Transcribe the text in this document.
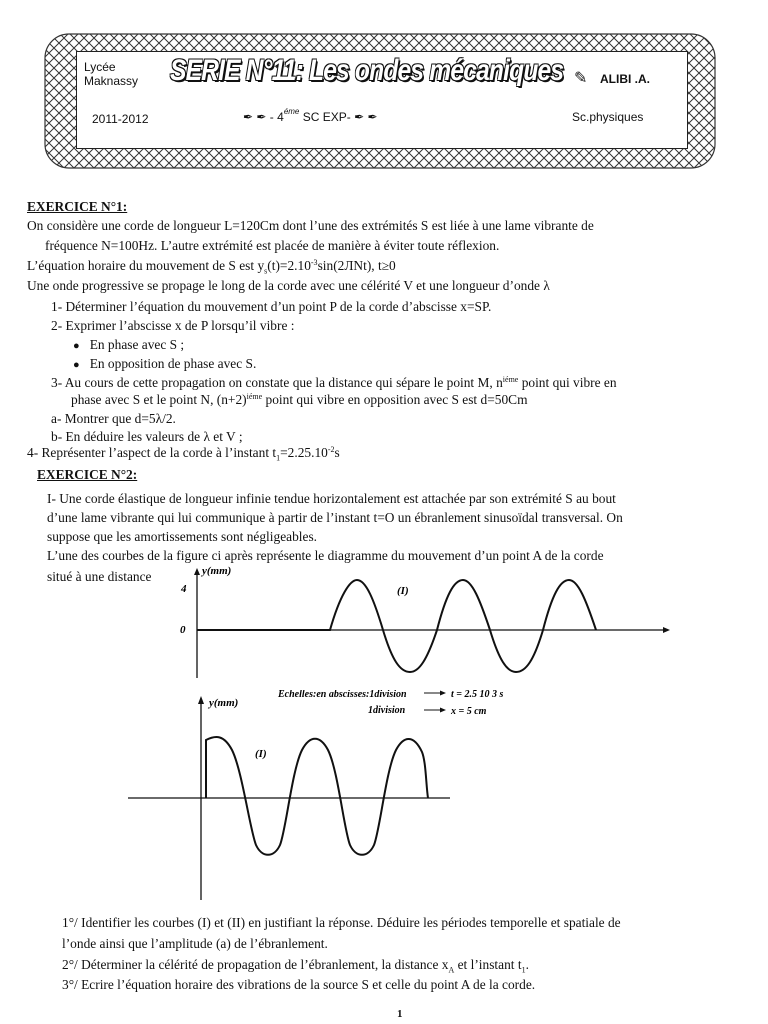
Lycée
Maknassy SERIE N°11: Les ondes mécaniques ✎ ALIBI .A.
2011-2012	✒ ✒ - $4^{éme}$ SC EXP- ✒ ✒	Sc.physiques
EXERCICE N°1:
On considère une corde de longueur L=120Cm dont l’une des extrémités S est liée à une lame vibrante de
fréquence N=100Hz. L’autre extrémité est placée de manière à éviter toute réflexion.
L’équation horaire du mouvement de S est $y_s(t)=2.10^{-3}\sin(2ЛNt)$, t≥0
Une onde progressive se propage le long de la corde avec une célérité V et une longueur d’onde λ
1- Déterminer l’équation du mouvement d’un point P de la corde d’abscisse x=SP.
2- Exprimer l’abscisse x de P lorsqu’il vibre :
● En phase avec S ;
● En opposition de phase avec S.
3- Au cours de cette propagation on constate que la distance qui sépare le point M, $n^{iéme}$ point qui vibre en
phase avec S et le point N, $(n+2)^{iéme}$ point qui vibre en opposition avec S est d=50Cm
a- Montrer que d=5λ/2.
b- En déduire les valeurs de λ et V ;
4- Représenter l’aspect de la corde à l’instant $t_1=2.25.10^{-2}s$
EXERCICE N°2:
I- Une corde élastique de longueur infinie tendue horizontalement est attachée par son extrémité S au bout
d’une lame vibrante qui lui communique à partir de l’instant t=O un ébranlement sinusoïdal transversal. On
suppose que les amortissements sont négligeables.
L’une des courbes de la figure ci après représente le diagramme du mouvement d’un point A de la corde
situé à une distance
4
0
y(mm)
(I)
y(mm)
(I)
Echelles:en abscisses:1division	t = 2.5 10 3 s
1division	x = 5 cm
1°/ Identifier les courbes (I) et (II) en justifiant la réponse. Déduire les périodes temporelle et spatiale de
l’onde ainsi que l’amplitude (a) de l’ébranlement.
2°/ Déterminer la célérité de propagation de l’ébranlement, la distance $x_A$ et l’instant $t_1$.
3°/ Ecrire l’équation horaire des vibrations de la source S et celle du point A de la corde.
1
